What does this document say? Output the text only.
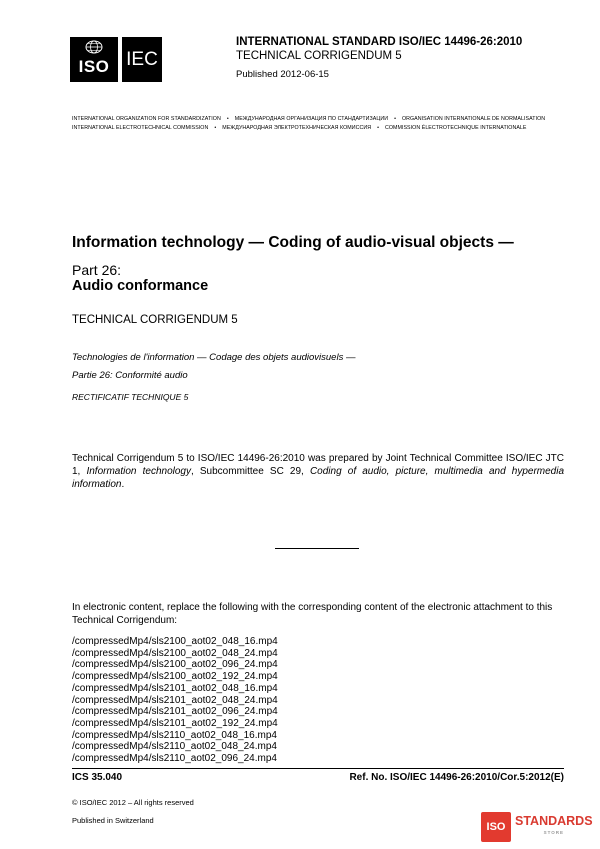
ISO IEC
INTERNATIONAL STANDARD ISO/IEC 14496-26:2010
TECHNICAL CORRIGENDUM 5
Published 2012-06-15
INTERNATIONAL ORGANIZATION FOR STANDARDIZATION • МЕЖДУНАРОДНАЯ ОРГАНИЗАЦИЯ ПО СТАНДАРТИЗАЦИИ • ORGANISATION INTERNATIONALE DE NORMALISATION
INTERNATIONAL ELECTROTECHNICAL COMMISSION • МЕЖДУНАРОДНАЯ ЭЛЕКТРОТЕХНИЧЕСКАЯ КОМИССИЯ • COMMISSION ÉLECTROTECHNIQUE INTERNATIONALE
Information technology — Coding of audio-visual objects —
Part 26:
Audio conformance
TECHNICAL CORRIGENDUM 5
Technologies de l'information — Codage des objets audiovisuels —
Partie 26: Conformité audio
RECTIFICATIF TECHNIQUE 5
Technical Corrigendum 5 to ISO/IEC 14496-26:2010 was prepared by Joint Technical Committee ISO/IEC JTC 1, Information technology, Subcommittee SC 29, Coding of audio, picture, multimedia and hypermedia information.
In electronic content, replace the following with the corresponding content of the electronic attachment to this Technical Corrigendum:
/compressedMp4/sls2100_aot02_048_16.mp4
/compressedMp4/sls2100_aot02_048_24.mp4
/compressedMp4/sls2100_aot02_096_24.mp4
/compressedMp4/sls2100_aot02_192_24.mp4
/compressedMp4/sls2101_aot02_048_16.mp4
/compressedMp4/sls2101_aot02_048_24.mp4
/compressedMp4/sls2101_aot02_096_24.mp4
/compressedMp4/sls2101_aot02_192_24.mp4
/compressedMp4/sls2110_aot02_048_16.mp4
/compressedMp4/sls2110_aot02_048_24.mp4
/compressedMp4/sls2110_aot02_096_24.mp4
ICS 35.040	Ref. No. ISO/IEC 14496-26:2010/Cor.5:2012(E)
© ISO/IEC 2012 – All rights reserved
Published in Switzerland
ISO STANDARDS
STORE
